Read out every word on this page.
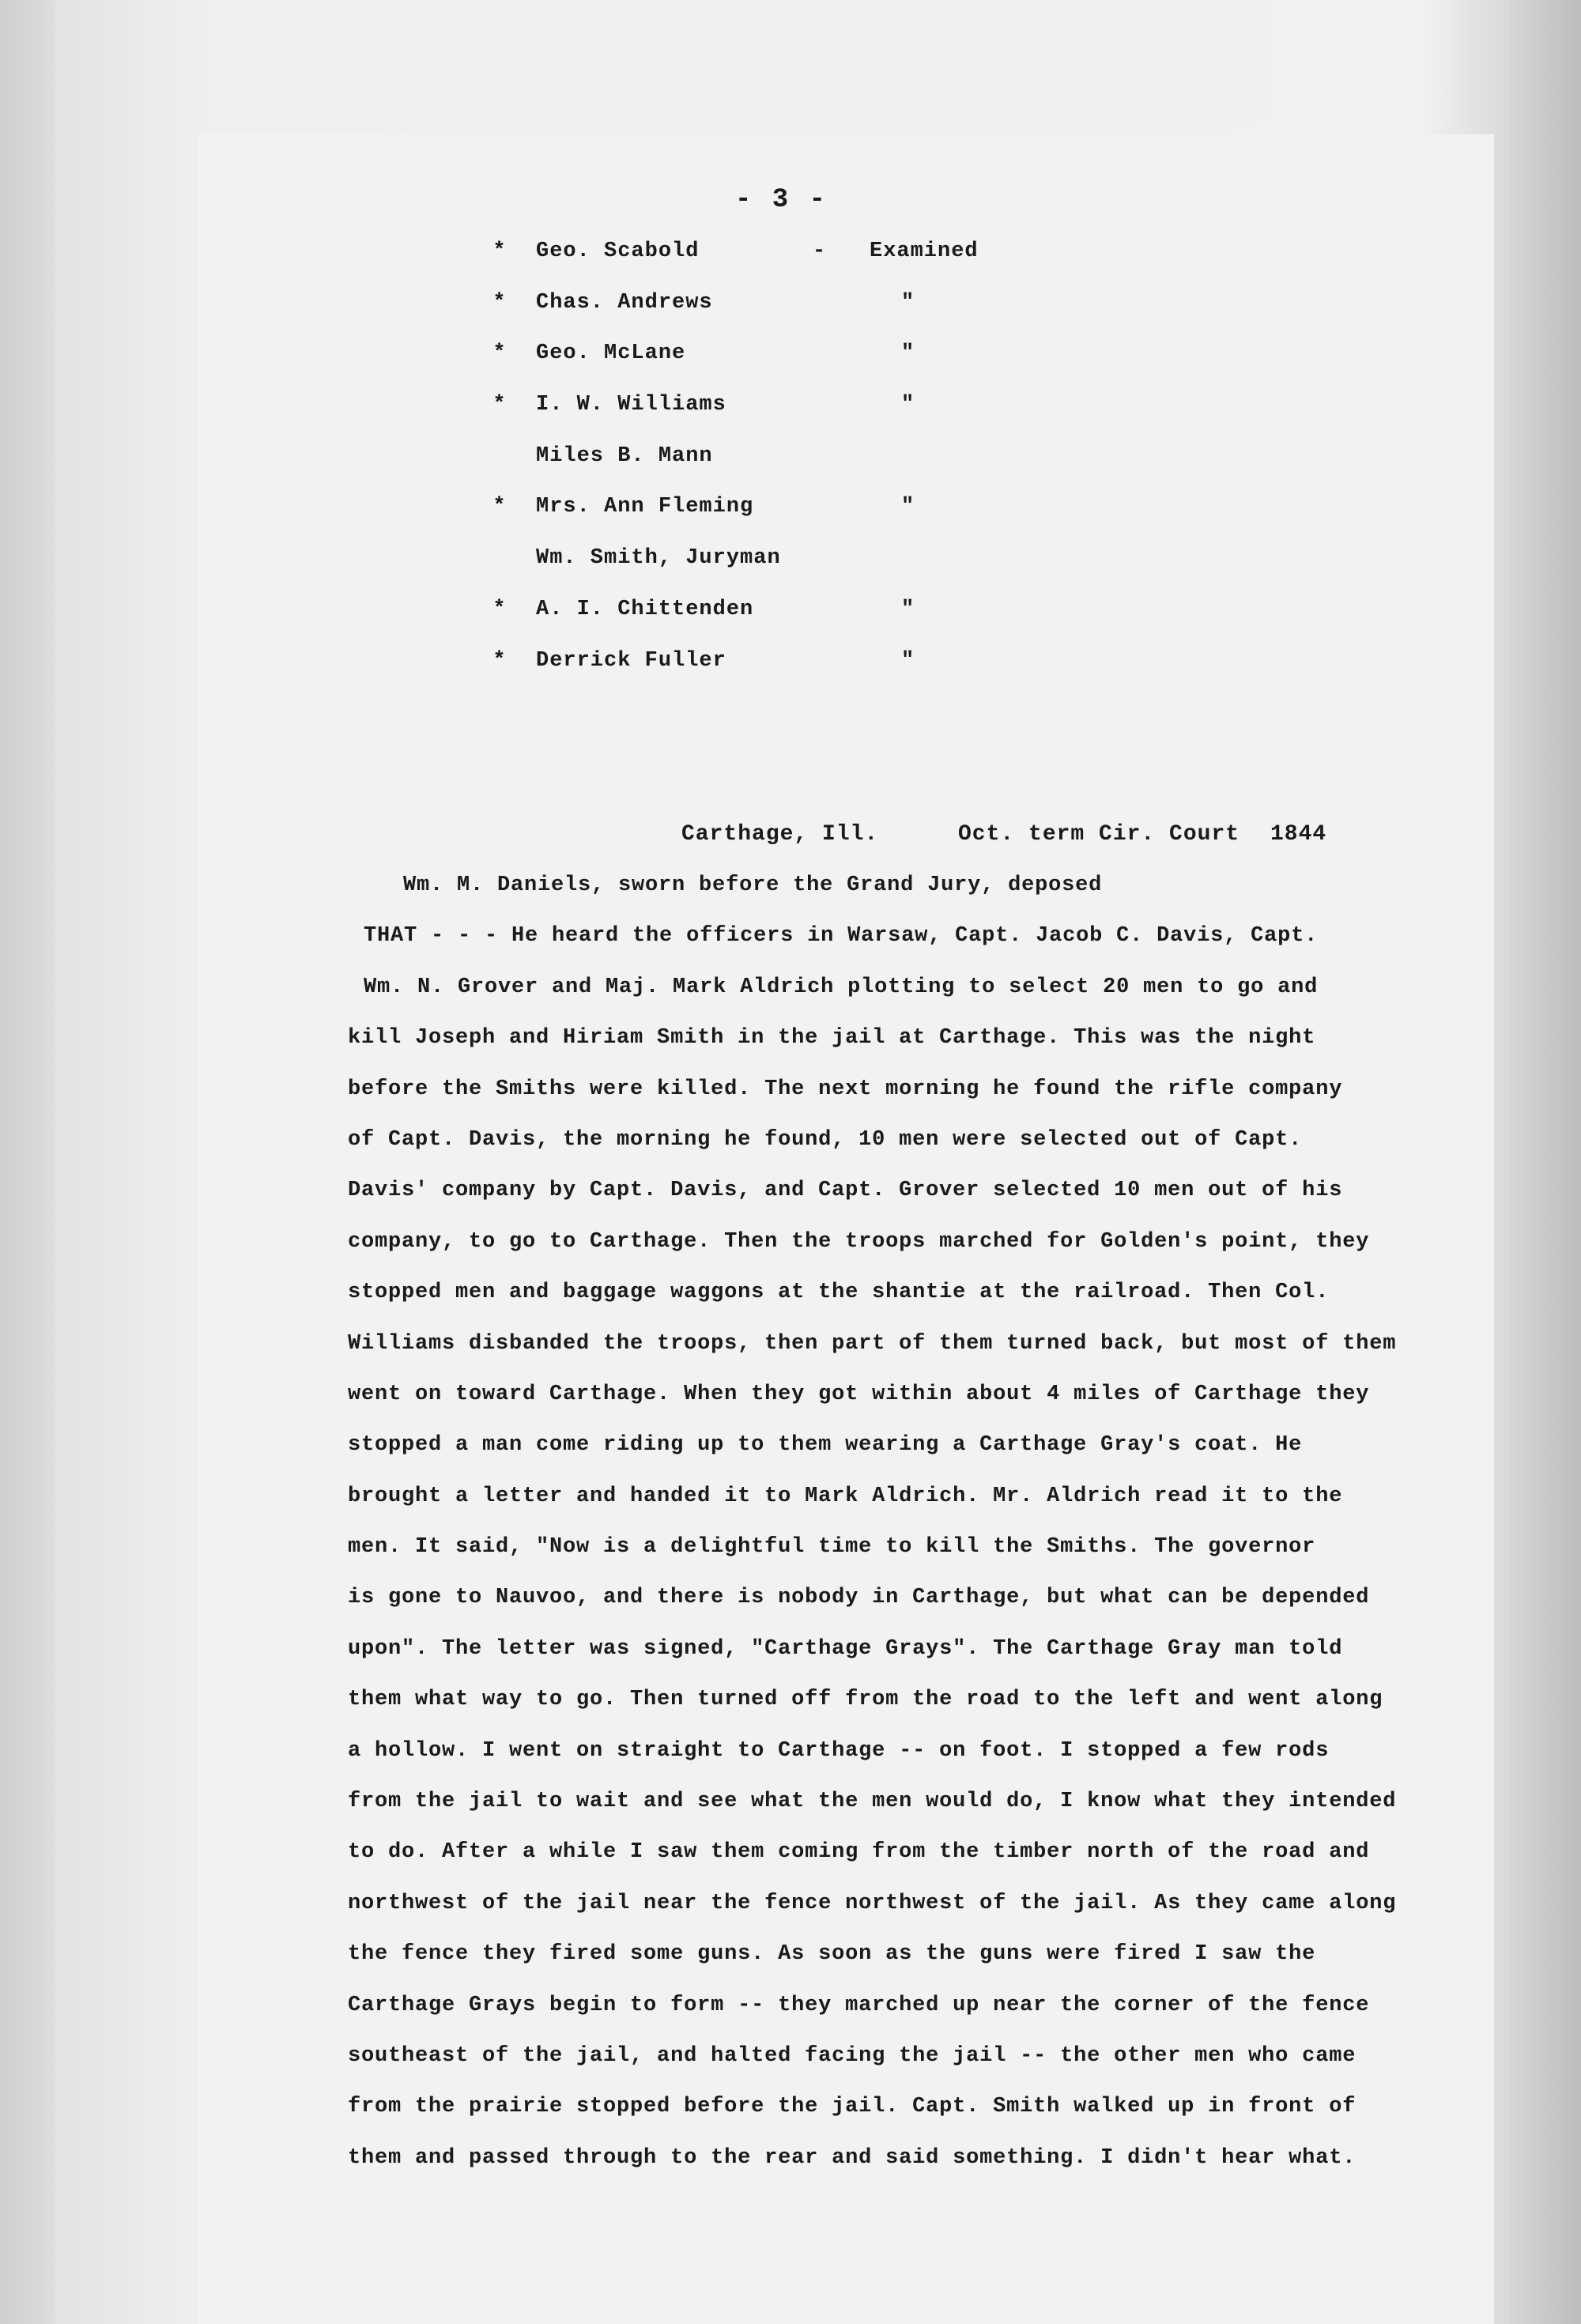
- 3 -
* Geo. Scabold	- Examined
* Chas. Andrews	"
* Geo. McLane	"
* I. W. Williams	"
Miles B. Mann
* Mrs. Ann Fleming	"
Wm. Smith, Juryman
* A. I. Chittenden	"
* Derrick Fuller	"
Carthage, Ill.	Oct. term Cir. Court 1844
Wm. M. Daniels, sworn before the Grand Jury, deposed
THAT - - - He heard the officers in Warsaw, Capt. Jacob C. Davis, Capt.
Wm. N. Grover and Maj. Mark Aldrich plotting to select 20 men to go and
kill Joseph and Hiriam Smith in the jail at Carthage. This was the night
before the Smiths were killed. The next morning he found the rifle company
of Capt. Davis, the morning he found, 10 men were selected out of Capt.
Davis' company by Capt. Davis, and Capt. Grover selected 10 men out of his
company, to go to Carthage. Then the troops marched for Golden's point, they
stopped men and baggage waggons at the shantie at the railroad. Then Col.
Williams disbanded the troops, then part of them turned back, but most of them
went on toward Carthage. When they got within about 4 miles of Carthage they
stopped a man come riding up to them wearing a Carthage Gray's coat. He
brought a letter and handed it to Mark Aldrich. Mr. Aldrich read it to the
men. It said, "Now is a delightful time to kill the Smiths. The governor
is gone to Nauvoo, and there is nobody in Carthage, but what can be depended
upon". The letter was signed, "Carthage Grays". The Carthage Gray man told
them what way to go. Then turned off from the road to the left and went along
a hollow. I went on straight to Carthage -- on foot. I stopped a few rods
from the jail to wait and see what the men would do, I know what they intended
to do. After a while I saw them coming from the timber north of the road and
northwest of the jail near the fence northwest of the jail. As they came along
the fence they fired some guns. As soon as the guns were fired I saw the
Carthage Grays begin to form -- they marched up near the corner of the fence
southeast of the jail, and halted facing the jail -- the other men who came
from the prairie stopped before the jail. Capt. Smith walked up in front of
them and passed through to the rear and said something. I didn't hear what.
